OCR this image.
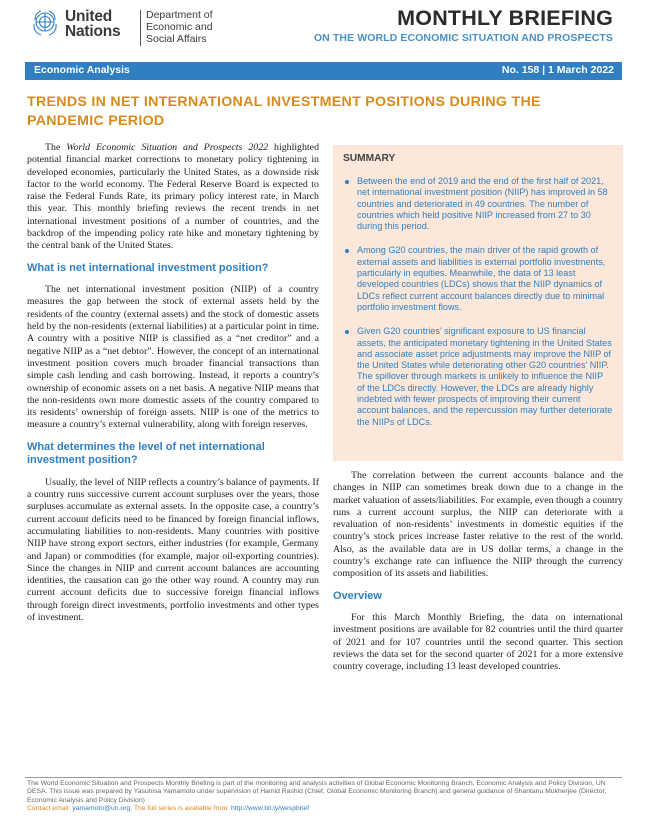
United
Nations
Department of
Economic and
Social Affairs
MONTHLY BRIEFING
ON THE WORLD ECONOMIC SITUATION AND PROSPECTS
Economic Analysis	No. 158 | 1 March 2022
TRENDS IN NET INTERNATIONAL INVESTMENT POSITIONS DURING THE PANDEMIC PERIOD

The World Economic Situation and Prospects 2022 highlighted potential financial market corrections to monetary policy tightening in developed economies, particularly the United States, as a downside risk factor to the world economy. The Federal Reserve Board is expected to raise the Federal Funds Rate, its primary policy interest rate, in March this year. This monthly briefing reviews the recent trends in net international investment positions of a number of countries, and the backdrop of the impending policy rate hike and monetary tightening by the central bank of the United States.

What is net international investment position?

The net international investment position (NIIP) of a country measures the gap between the stock of external assets held by the residents of the country (external assets) and the stock of domestic assets held by the non-residents (external liabilities) at a particular point in time. A country with a positive NIIP is classified as a “net creditor” and a negative NIIP as a “net debtor”. However, the concept of an international investment position covers much broader financial transactions than simple cash lending and cash borrowing. Instead, it reports a country’s ownership of economic assets on a net basis. A negative NIIP means that the non-residents own more domestic assets of the country compared to its residents’ ownership of foreign assets. NIIP is one of the metrics to measure a country’s external vulnerability, along with foreign reserves.

What determines the level of net international investment position?

Usually, the level of NIIP reflects a country’s balance of payments. If a country runs successive current account surpluses over the years, those surpluses accumulate as external assets. In the opposite case, a country’s current account deficits need to be financed by foreign financial inflows, accumulating liabilities to non-residents. Many countries with positive NIIP have strong export sectors, either industries (for example, Germany and Japan) or commodities (for example, major oil-exporting countries). Since the changes in NIIP and current account balances are accounting identities, the causation can go the other way round. A country may run current account deficits due to successive foreign financial inflows through foreign direct investments, portfolio investments and other types of investment.

SUMMARY
Between the end of 2019 and the end of the first half of 2021, net international investment position (NIIP) has improved in 58 countries and deteriorated in 49 countries. The number of countries which held positive NIIP increased from 27 to 30 during this period.
Among G20 countries, the main driver of the rapid growth of external assets and liabilities is external portfolio investments, particularly in equities. Meanwhile, the data of 13 least developed countries (LDCs) shows that the NIIP dynamics of LDCs reflect current account balances directly due to minimal portfolio investment flows.
Given G20 countries’ significant exposure to US financial assets, the anticipated monetary tightening in the United States and associate asset price adjustments may improve the NIIP of the United States while deteriorating other G20 countries’ NIIP. The spillover through markets is unlikely to influence the NIIP of the LDCs directly. However, the LDCs are already highly indebted with fewer prospects of improving their current account balances, and the repercussion may further deteriorate the NIIPs of LDCs.

The correlation between the current accounts balance and the changes in NIIP can sometimes break down due to a change in the market valuation of assets/liabilities. For example, even though a country runs a current account surplus, the NIIP can deteriorate with a revaluation of non-residents’ investments in domestic equities if the country’s stock prices increase faster relative to the rest of the world. Also, as the available data are in US dollar terms, a change in the country’s exchange rate can influence the NIIP through the currency composition of its assets and liabilities.

Overview

For this March Monthly Briefing, the data on international investment positions are available for 82 countries until the third quarter of 2021 and for 107 countries until the second quarter. This section reviews the data set for the second quarter of 2021 for a more extensive country coverage, including 13 least developed countries.

The World Economic Situation and Prospects Monthly Briefing is part of the monitoring and analysis activities of Global Economic Monitoring Branch, Economic Analysis and Policy Division, UN DESA. This issue was prepared by Yasuhisa Yamamoto under supervision of Hamid Rashid (Chief, Global Economic Monitoring Branch) and general guidance of Shantanu Mukherjee (Director, Economic Analysis and Policy Division)
Contact email: yamamoto@un.org. The full series is available from: http://www.bit.ly/wespbrief
